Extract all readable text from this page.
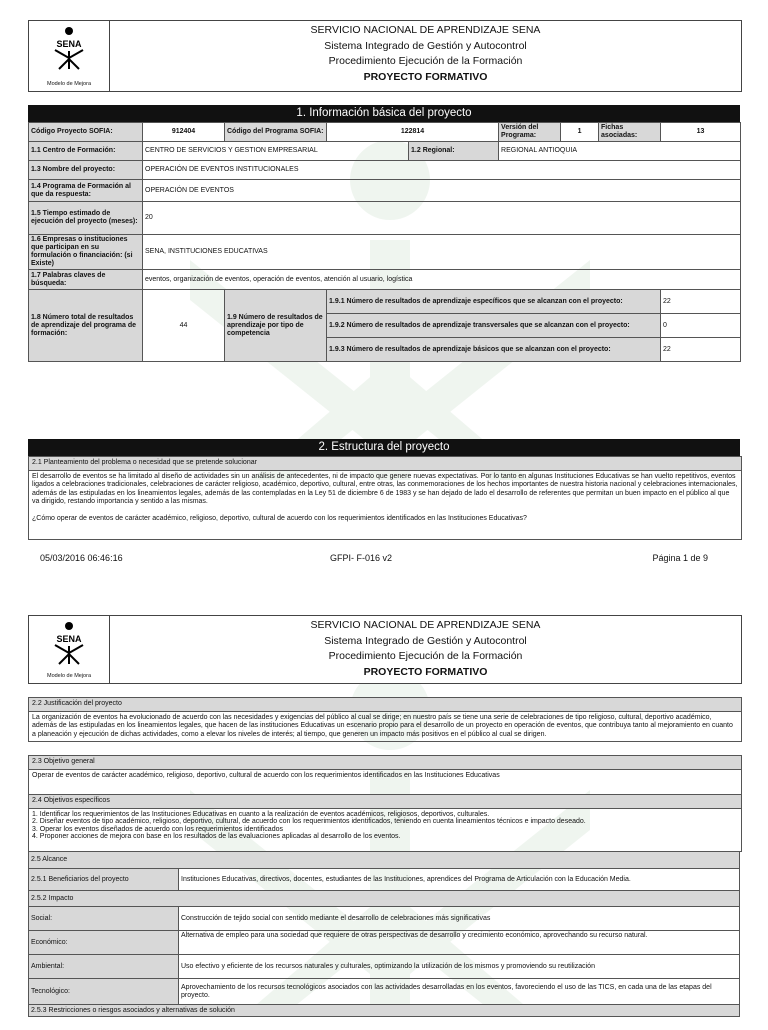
SENA
Modelo de Mejora
SERVICIO NACIONAL DE APRENDIZAJE SENA
Sistema Integrado de Gestión y Autocontrol
Procedimiento Ejecución de la Formación
PROYECTO FORMATIVO
1. Información básica del proyecto
Código Proyecto SOFIA:	912404	Código del Programa SOFIA:	122814		Versión del Programa:	1	Fichas asociadas:	13
1.1 Centro de Formación:	CENTRO DE SERVICIOS Y GESTION EMPRESARIAL			1.2 Regional:	REGIONAL ANTIOQUIA			
1.3 Nombre del proyecto:	OPERACIÓN DE EVENTOS INSTITUCIONALES							
1.4 Programa de Formación al que da respuesta:	OPERACIÓN DE EVENTOS							
1.5 Tiempo estimado de ejecución del proyecto (meses):	20							
1.6 Empresas o instituciones que participan en su formulación o financiación: (si Existe)	SENA, INSTITUCIONES EDUCATIVAS							
1.7 Palabras claves de búsqueda:	eventos, organización de eventos, operación de eventos, atención al usuario, logística							
1.8 Número total de resultados de aprendizaje del programa de formación:	44	1.9 Número de resultados de aprendizaje por tipo de competencia	1.9.1 Número de resultados de aprendizaje específicos que se alcanzan con el proyecto:					22
			1.9.2 Número de resultados de aprendizaje transversales que se alcanzan con el proyecto:					0
			1.9.3 Número de resultados de aprendizaje básicos que se alcanzan con el proyecto:					22
2. Estructura del proyecto
2.1 Planteamiento del problema o necesidad que se pretende solucionar
El desarrollo de eventos se ha limitado al diseño de actividades sin un análisis de antecedentes, ni de impacto que genere nuevas expectativas. Por lo tanto en algunas Instituciones Educativas se han vuelto repetitivos, eventos ligados a celebraciones tradicionales, celebraciones de carácter religioso, académico, deportivo, cultural, entre otras, las conmemoraciones de los hechos importantes de nuestra historia nacional y celebraciones internacionales, además de las estipuladas en los lineamientos legales, además de las contempladas en la Ley 51 de diciembre 6 de 1983 y se han dejado de lado el desarrollo de referentes que permitan un buen impacto en el público al que va dirigido, restando importancia y sentido a las mismas.
¿Cómo operar de eventos de carácter académico, religioso, deportivo, cultural de acuerdo con los requerimientos identificados en las Instituciones Educativas?
05/03/2016 06:46:16	GFPI- F-016 v2	Página 1 de 9
SENA
Modelo de Mejora
SERVICIO NACIONAL DE APRENDIZAJE SENA
Sistema Integrado de Gestión y Autocontrol
Procedimiento Ejecución de la Formación
PROYECTO FORMATIVO
2.2 Justificación del proyecto
La organización de eventos ha evolucionado de acuerdo con las necesidades y exigencias del público al cual se dirige; en nuestro país se tiene una serie de celebraciones de tipo religioso, cultural, deportivo académico, además de las estipuladas en los lineamientos legales, que hacen de las instituciones Educativas un escenario propio para el desarrollo de un proyecto en operación de eventos, que contribuya tanto al mejoramiento en cuanto a planeación y ejecución de dichas actividades, como a elevar los niveles de interés; al tiempo, que generen un impacto más positivos en el público al cual se dirigen.
2.3 Objetivo general
Operar de eventos de carácter académico, religioso, deportivo, cultural de acuerdo con los requerimientos identificados en las Instituciones Educativas
2.4 Objetivos específicos
1. Identificar los requerimientos de las Instituciones Educativas en cuanto a la realización de eventos académicos, religiosos, deportivos, culturales.
2. Diseñar eventos de tipo académico, religioso, deportivo, cultural, de acuerdo con los requerimientos identificados, teniendo en cuenta lineamientos técnicos e impacto deseado.
3. Operar los eventos diseñados de acuerdo con los requerimientos identificados
4. Proponer acciones de mejora con base en los resultados de las evaluaciones aplicadas al desarrollo de los eventos.
2.5 Alcance	
2.5.1 Beneficiarios del proyecto	Instituciones Educativas, directivos, docentes, estudiantes de las Instituciones, aprendices del Programa de Articulación con la Educación Media.
2.5.2 Impacto	
Social:	Construcción de tejido social con sentido mediante el desarrollo de celebraciones más significativas
Económico:	Alternativa de empleo para una sociedad que requiere de otras perspectivas de desarrollo y crecimiento económico, aprovechando su recurso natural.
Ambiental:	Uso efectivo y eficiente de los recursos naturales y culturales, optimizando la utilización de los mismos y promoviendo su reutilización
Tecnológico:	Aprovechamiento de los recursos tecnológicos asociados con las actividades desarrolladas en los eventos, favoreciendo el uso de las TICS, en cada una de las etapas del proyecto.
2.5.3 Restricciones o riesgos asociados y alternativas de solución	
